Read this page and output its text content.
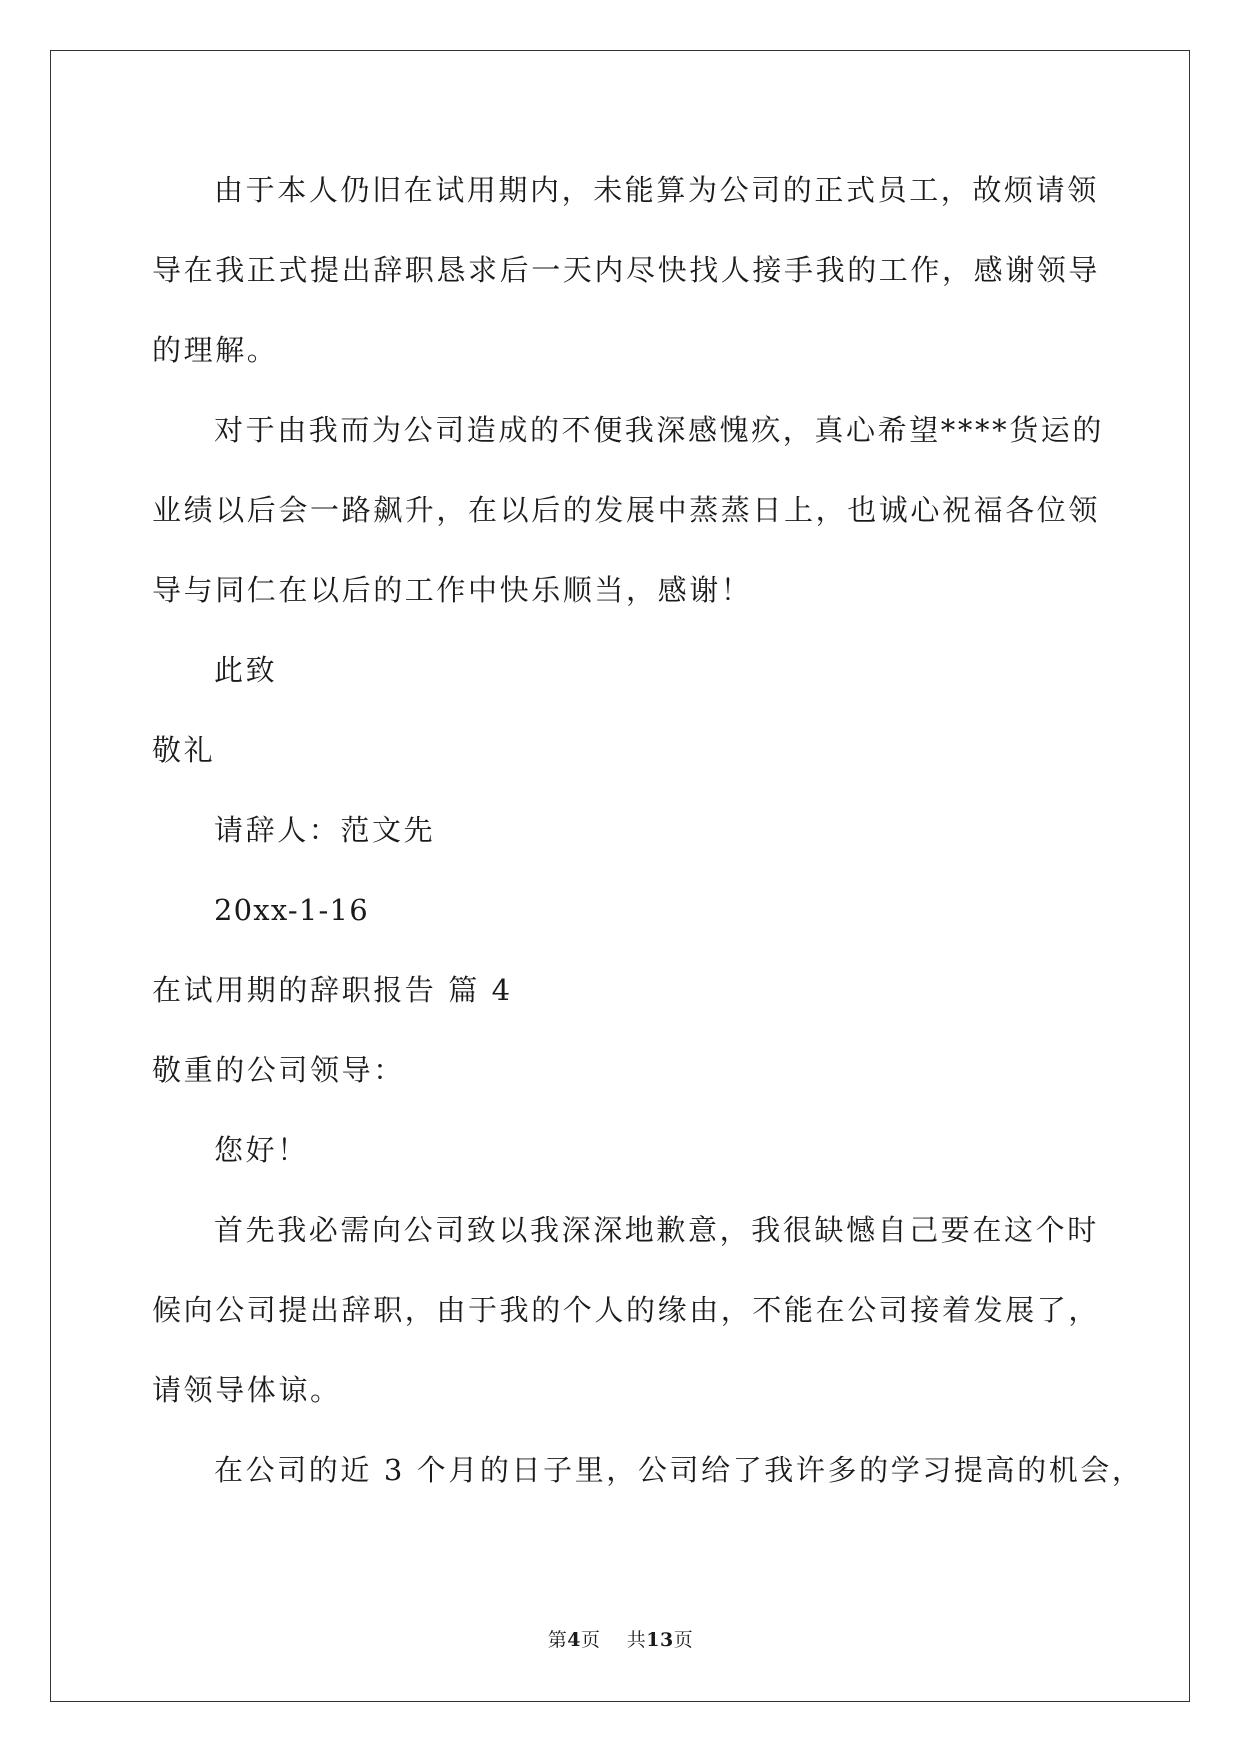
由于本人仍旧在试用期内，未能算为公司的正式员工，故烦请领
导在我正式提出辞职恳求后一天内尽快找人接手我的工作，感谢领导
的理解。
对于由我而为公司造成的不便我深感愧疚，真心希望****货运的
业绩以后会一路飙升，在以后的发展中蒸蒸日上，也诚心祝福各位领
导与同仁在以后的工作中快乐顺当，感谢！
此致
敬礼
请辞人：范文先
20xx-1-16
在试用期的辞职报告 篇 4
敬重的公司领导：
您好！
首先我必需向公司致以我深深地歉意，我很缺憾自己要在这个时
候向公司提出辞职，由于我的个人的缘由，不能在公司接着发展了，
请领导体谅。
在公司的近 3 个月的日子里，公司给了我许多的学习提高的机会，
第4页 共13页
